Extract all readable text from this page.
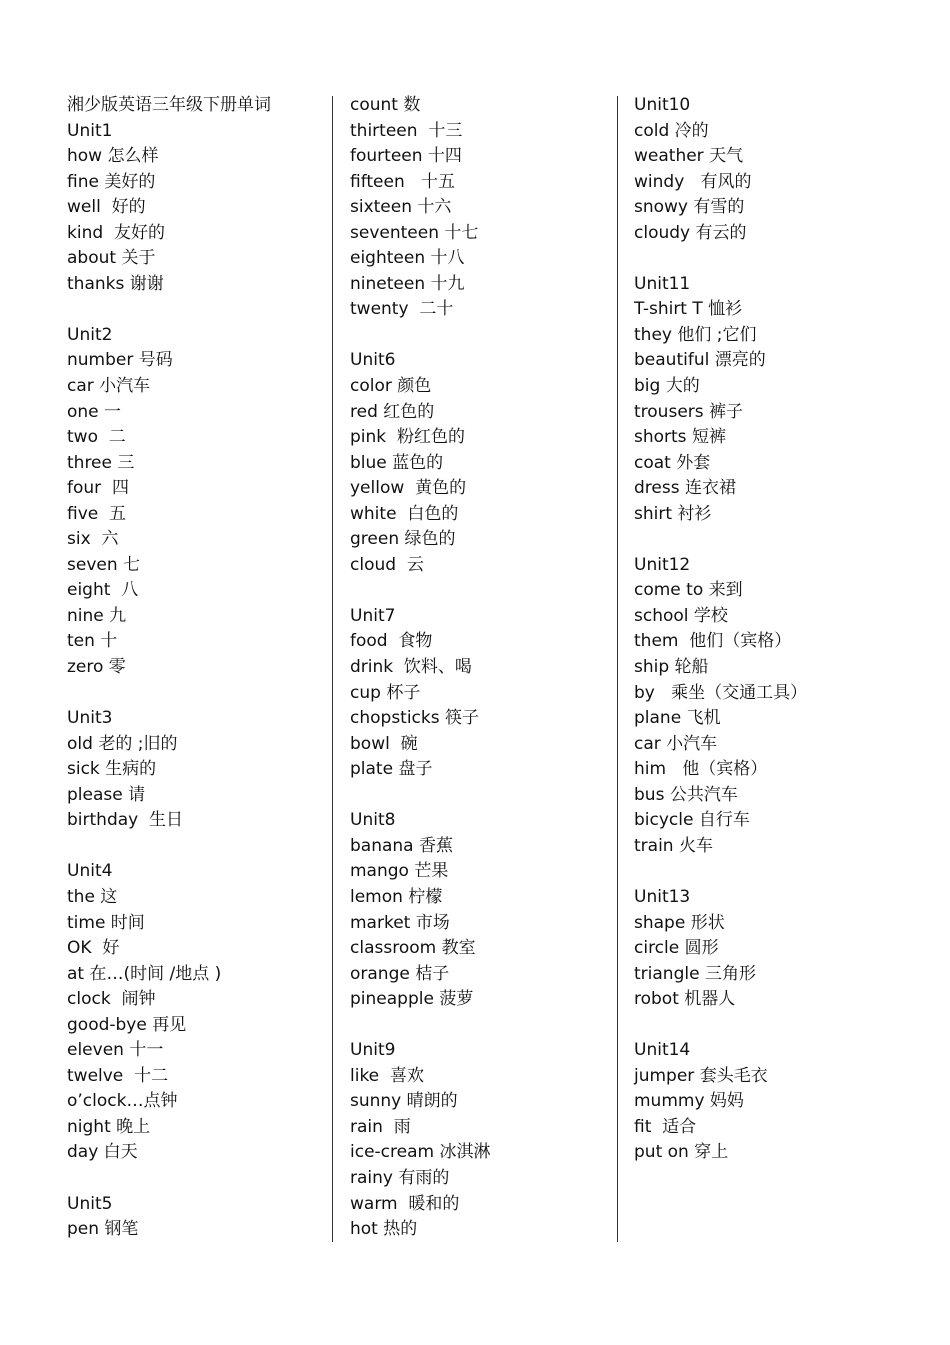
湘少版英语三年级下册单词
Unit1
how 怎么样
fine 美好的
well  好的
kind  友好的
about 关于
thanks 谢谢
Unit2
number 号码
car 小汽车
one 一
two  二
three 三
four  四
five  五
six  六
seven 七
eight  八
nine 九
ten 十
zero 零
Unit3
old 老的 ;旧的
sick 生病的
please 请
birthday  生日
Unit4
the 这
time 时间
OK  好
at 在…(时间 /地点 )
clock  闹钟
good-bye 再见
eleven 十一
twelve  十二
o’clock…点钟
night 晚上
day 白天
Unit5
pen 钢笔
count 数
thirteen  十三
fourteen 十四
fifteen   十五
sixteen 十六
seventeen 十七
eighteen 十八
nineteen 十九
twenty  二十
Unit6
color 颜色
red 红色的
pink  粉红色的
blue 蓝色的
yellow  黄色的
white  白色的
green 绿色的
cloud  云
Unit7
food  食物
drink  饮料、喝
cup 杯子
chopsticks 筷子
bowl  碗
plate 盘子
Unit8
banana 香蕉
mango 芒果
lemon 柠檬
market 市场
classroom 教室
orange 桔子
pineapple 菠萝
Unit9
like  喜欢
sunny 晴朗的
rain  雨
ice-cream 冰淇淋
rainy 有雨的
warm  暖和的
hot 热的
Unit10
cold 冷的
weather 天气
windy   有风的
snowy 有雪的
cloudy 有云的
Unit11
T-shirt T 恤衫
they 他们 ;它们
beautiful 漂亮的
big 大的
trousers 裤子
shorts 短裤
coat 外套
dress 连衣裙
shirt 衬衫
Unit12
come to 来到
school 学校
them  他们（宾格）
ship 轮船
by   乘坐（交通工具）
plane 飞机
car 小汽车
him   他（宾格）
bus 公共汽车
bicycle 自行车
train 火车
Unit13
shape 形状
circle 圆形
triangle 三角形
robot 机器人
Unit14
jumper 套头毛衣
mummy 妈妈
fit  适合
put on 穿上
